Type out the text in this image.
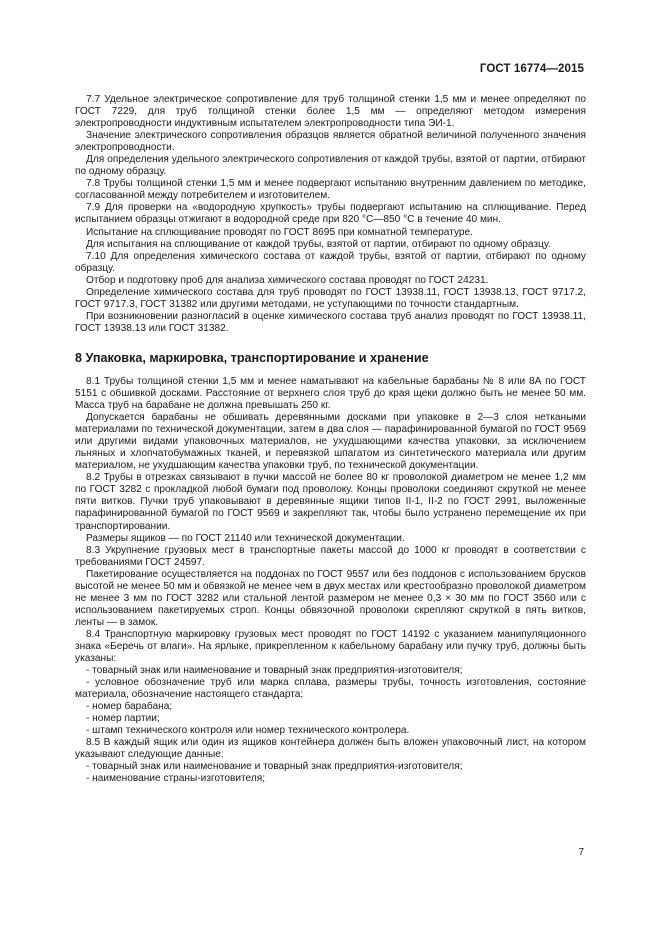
ГОСТ 16774—2015

7.7 Удельное электрическое сопротивление для труб толщиной стенки 1,5 мм и менее определяют по ГОСТ 7229, для труб толщиной стенки более 1,5 мм — определяют методом измерения электропроводности индуктивным испытателем электропроводности типа ЭИ-1.

Значение электрического сопротивления образцов является обратной величиной полученного значения электропроводности.

Для определения удельного электрического сопротивления от каждой трубы, взятой от партии, отбирают по одному образцу.

7.8 Трубы толщиной стенки 1,5 мм и менее подвергают испытанию внутренним давлением по методике, согласованной между потребителем и изготовителем.

7.9 Для проверки на «водородную хрупкость» трубы подвергают испытанию на сплющивание. Перед испытанием образцы отжигают в водородной среде при 820 °С—850 °С в течение 40 мин.

Испытание на сплющивание проводят по ГОСТ 8695 при комнатной температуре.

Для испытания на сплющивание от каждой трубы, взятой от партии, отбирают по одному образцу.

7.10 Для определения химического состава от каждой трубы, взятой от партии, отбирают по одному образцу.

Отбор и подготовку проб для анализа химического состава проводят по ГОСТ 24231.

Определение химического состава для труб проводят по ГОСТ 13938.11, ГОСТ 13938.13, ГОСТ 9717.2, ГОСТ 9717.3, ГОСТ 31382 или другими методами, не уступающими по точности стандартным.

При возникновении разногласий в оценке химического состава труб анализ проводят по ГОСТ 13938.11, ГОСТ 13938.13 или ГОСТ 31382.

8 Упаковка, маркировка, транспортирование и хранение

8.1 Трубы толщиной стенки 1,5 мм и менее наматывают на кабельные барабаны № 8 или 8А по ГОСТ 5151 с обшивкой досками. Расстояние от верхнего слоя труб до края щеки должно быть не менее 50 мм. Масса труб на барабане не должна превышать 250 кг.

Допускается барабаны не обшивать деревянными досками при упаковке в 2—3 слоя неткаными материалами по технической документации, затем в два слоя — парафинированной бумагой по ГОСТ 9569 или другими видами упаковочных материалов, не ухудшающими качества упаковки, за исключением льняных и хлопчатобумажных тканей, и перевязкой шпагатом из синтетического материала или другим материалом, не ухудшающим качества упаковки труб, по технической документации.

8.2 Трубы в отрезках связывают в пучки массой не более 80 кг проволокой диаметром не менее 1,2 мм по ГОСТ 3282 с прокладкой любой бумаги под проволоку. Концы проволоки соединяют скруткой не менее пяти витков. Пучки труб упаковывают в деревянные ящики типов II-1, II-2 по ГОСТ 2991, выложенные парафинированной бумагой по ГОСТ 9569 и закрепляют так, чтобы было устранено перемещение их при транспортировании.

Размеры ящиков — по ГОСТ 21140 или технической документации.

8.3 Укрупнение грузовых мест в транспортные пакеты массой до 1000 кг проводят в соответствии с требованиями ГОСТ 24597.

Пакетирование осуществляется на поддонах по ГОСТ 9557 или без поддонов с использованием брусков высотой не менее 50 мм и обвязкой не менее чем в двух местах или крестообразно проволокой диаметром не менее 3 мм по ГОСТ 3282 или стальной лентой размером не менее 0,3 × 30 мм по ГОСТ 3560 или с использованием пакетируемых строп. Концы обвязочной проволоки скрепляют скруткой в пять витков, ленты — в замок.

8.4 Транспортную маркировку грузовых мест проводят по ГОСТ 14192 с указанием манипуляционного знака «Беречь от влаги». На ярлыке, прикрепленном к кабельному барабану или пучку труб, должны быть указаны:

- товарный знак или наименование и товарный знак предприятия-изготовителя;

- условное обозначение труб или марка сплава, размеры трубы, точность изготовления, состояние материала, обозначение настоящего стандарта;

- номер барабана;

- номер партии;

- штамп технического контроля или номер технического контролера.

8.5 В каждый ящик или один из ящиков контейнера должен быть вложен упаковочный лист, на котором указывают следующие данные:

- товарный знак или наименование и товарный знак предприятия-изготовителя;

- наименование страны-изготовителя;

7
